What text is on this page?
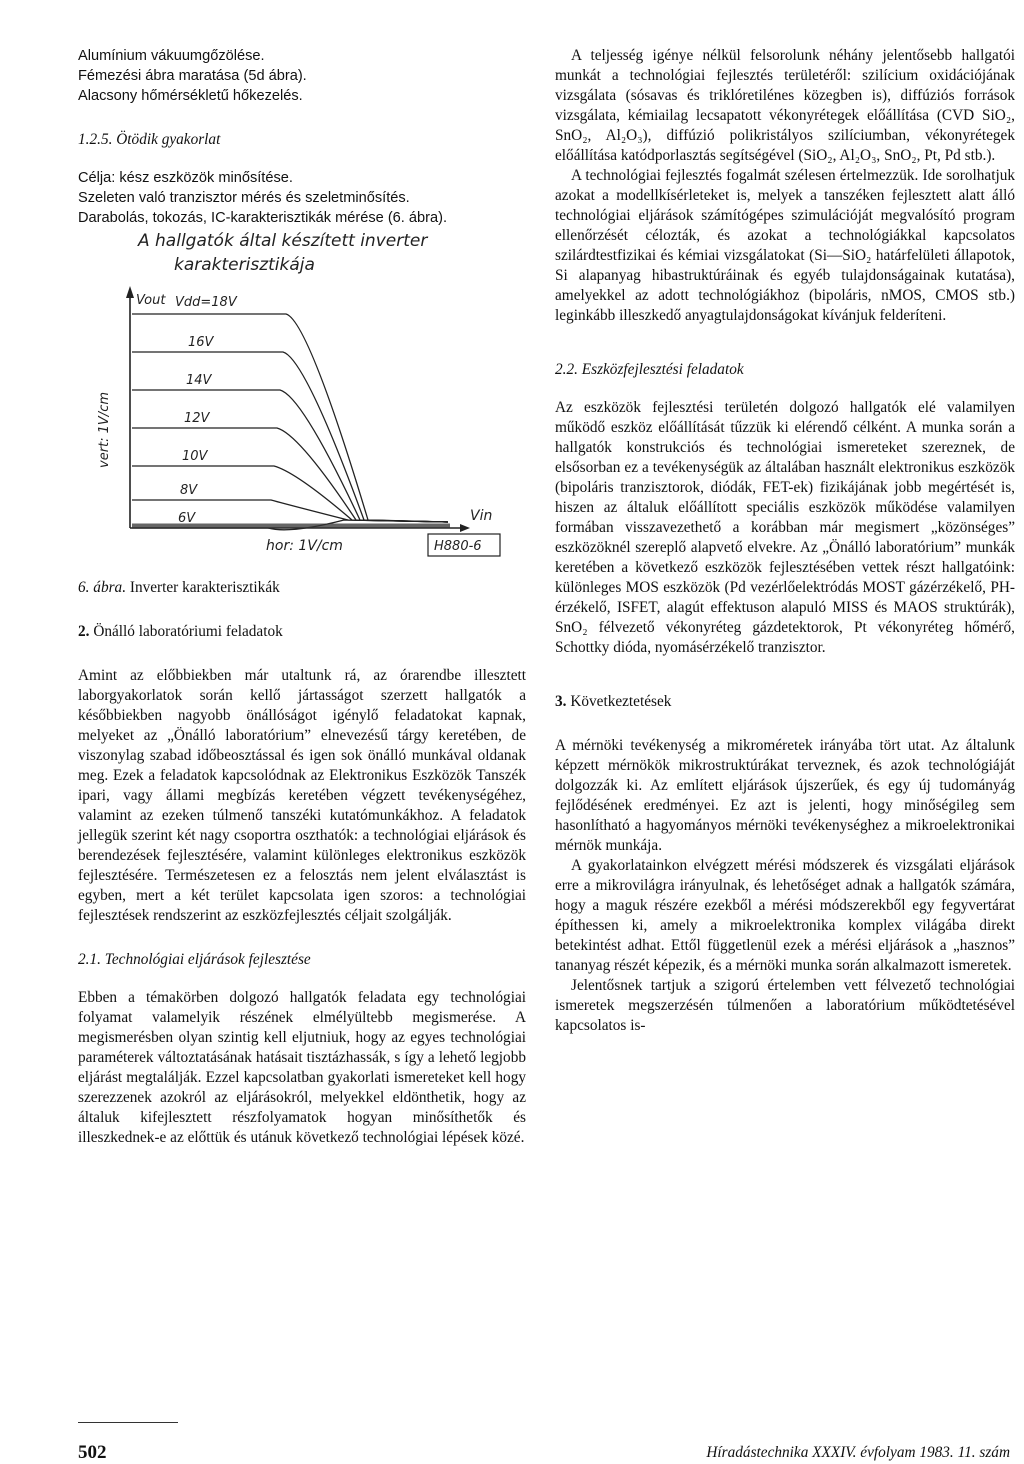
Alumínium vákuumgőzölése.
Fémezési ábra maratása (5d ábra).
Alacsony hőmérsékletű hőkezelés.

1.2.5. Ötödik gyakorlat

Célja: kész eszközök minősítése.
Szeleten való tranzisztor mérés és szeletminősítés.

Darabolás, tokozás, IC-karakterisztikák mérése (6. ábra).

A hallgatók által készített inverter
karakterisztikája
Vout Vdd=18V
16V
14V
12V
10V
8V
6V
vert: 1V/cm
Vin
hor: 1V/cm	H880-6

6. ábra. Inverter karakterisztikák

2. Önálló laboratóriumi feladatok

Amint az előbbiekben már utaltunk rá, az órarendbe illesztett laborgyakorlatok során kellő jártasságot szerzett hallgatók a későbbiekben nagyobb önállóságot igénylő feladatokat kapnak, melyeket az „Önálló laboratórium” elnevezésű tárgy keretében, de viszonylag szabad időbeosztással és igen sok önálló munkával oldanak meg. Ezek a feladatok kapcsolódnak az Elektronikus Eszközök Tanszék ipari, vagy állami megbízás keretében végzett tevékenységéhez, valamint az ezeken túlmenő tanszéki kutatómunkákhoz. A feladatok jellegük szerint két nagy csoportra oszthatók: a technológiai eljárások és berendezések fejlesztésére, valamint különleges elektronikus eszközök fejlesztésére. Természetesen ez a felosztás nem jelent elválasztást is egyben, mert a két terület kapcsolata igen szoros: a technológiai fejlesztések rendszerint az eszközfejlesztés céljait szolgálják.

2.1. Technológiai eljárások fejlesztése

Ebben a témakörben dolgozó hallgatók feladata egy technológiai folyamat valamelyik részének elmélyültebb megismerése. A megismerésben olyan szintig kell eljutniuk, hogy az egyes technológiai paraméterek változtatásának hatásait tisztázhassák, s így a lehető legjobb eljárást megtalálják. Ezzel kapcsolatban gyakorlati ismereteket kell hogy szerezzenek azokról az eljárásokról, melyekkel eldönthetik, hogy az általuk kifejlesztett részfolyamatok hogyan minősíthetők és illeszkednek-e az előttük és utánuk következő technológiai lépések közé.

A teljesség igénye nélkül felsorolunk néhány jelentősebb hallgatói munkát a technológiai fejlesztés területéről: szilícium oxidációjának vizsgálata (sósavas és triklóretilénes közegben is), diffúziós források vizsgálata, kémiailag lecsapatott vékonyrétegek előállítása (CVD SiO₂, SnO₂, Al₂O₃), diffúzió polikristályos szilíciumban, vékonyrétegek előállítása katódporlasztás segítségével (SiO₂, Al₂O₃, SnO₂, Pt, Pd stb.).

A technológiai fejlesztés fogalmát szélesen értelmezzük. Ide sorolhatjuk azokat a modellkísérleteket is, melyek a tanszéken fejlesztett alatt álló technológiai eljárások számítógépes szimulációját megvalósító program ellenőrzését célozták, és azokat a technológiákkal kapcsolatos szilárdtestfizikai és kémiai vizsgálatokat (Si—SiO₂ határfelületi állapotok, Si alapanyag hibastruktúráinak és egyéb tulajdonságainak kutatása), amelyekkel az adott technológiákhoz (bipoláris, nMOS, CMOS stb.) leginkább illeszkedő anyagtulajdonságokat kívánjuk felderíteni.

2.2. Eszközfejlesztési feladatok

Az eszközök fejlesztési területén dolgozó hallgatók elé valamilyen működő eszköz előállítását tűzzük ki elérendő célként. A munka során a hallgatók konstrukciós és technológiai ismereteket szereznek, de elsősorban ez a tevékenységük az általában használt elektronikus eszközök (bipoláris tranzisztorok, diódák, FET-ek) fizikájának jobb megértését is, hiszen az általuk előállított speciális eszközök működése valamilyen formában visszavezethető a korábban már megismert „közönséges” eszközöknél szereplő alapvető elvekre. Az „Önálló laboratórium” munkák keretében a következő eszközök fejlesztésében vettek részt hallgatóink: különleges MOS eszközök (Pd vezérlőelektródás MOST gázérzékelő, PH-érzékelő, ISFET, alagút effektuson alapuló MISS és MAOS struktúrák), SnO₂ félvezető vékonyréteg gázdetektorok, Pt vékonyréteg hőmérő, Schottky dióda, nyomásérzékelő tranzisztor.

3. Következtetések

A mérnöki tevékenység a mikroméretek irányába tört utat. Az általunk képzett mérnökök mikrostruktúrákat terveznek, és azok technológiáját dolgozzák ki. Az említett eljárások újszerűek, és egy új tudományág fejlődésének eredményei. Ez azt is jelenti, hogy minőségileg sem hasonlítható a hagyományos mérnöki tevékenységhez a mikroelektronikai mérnök munkája.

A gyakorlatainkon elvégzett mérési módszerek és vizsgálati eljárások erre a mikrovilágra irányulnak, és lehetőséget adnak a hallgatók számára, hogy a maguk részére ezekből a mérési módszerekből egy fegyvertárat építhessen ki, amely a mikroelektronika komplex világába direkt betekintést adhat. Ettől függetlenül ezek a mérési eljárások a „hasznos” tananyag részét képezik, és a mérnöki munka során alkalmazott ismeretek.

Jelentősnek tartjuk a szigorú értelemben vett félvezető technológiai ismeretek megszerzésén túlmenően a laboratórium működtetésével kapcsolatos is-

502	Híradástechnika XXXIV. évfolyam 1983. 11. szám
